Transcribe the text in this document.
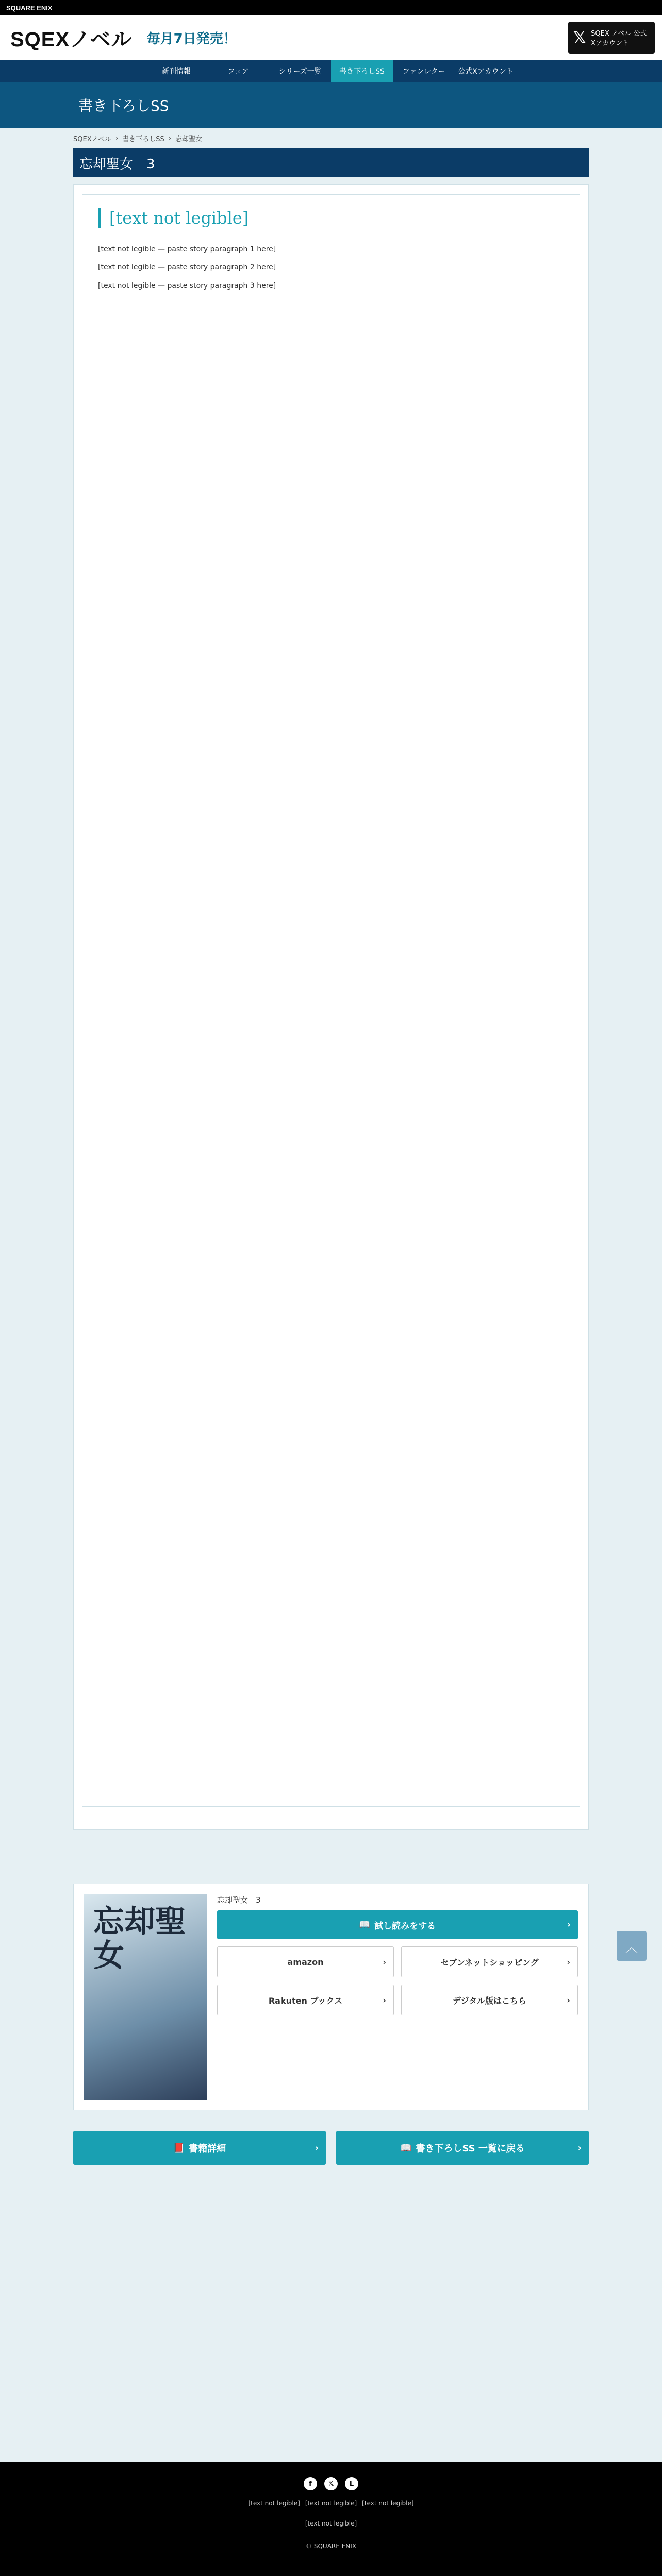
SQUARE ENIX
SQEXノベル 毎月7日発売！	𝕏 SQEX ノベル 公式Xアカウント
新刊情報	フェア	シリーズ一覧	書き下ろしSS	ファンレター	公式Xアカウント
書き下ろしSS
SQEXノベル › 書き下ろしSS › 忘却聖女
忘却聖女　3
[text not legible]

[text not legible — paste story paragraph 1 here]

[text not legible — paste story paragraph 2 here]

[text not legible — paste story paragraph 3 here]

忘却聖女
忘却聖女　3
📖 試し読みをする	›
amazon	›	セブンネットショッピング	›
Rakuten ブックス	›	デジタル版はこちら	›
📕 書籍詳細	›	📖 書き下ろしSS 一覧に戻る	›
︿
f	𝕏	L
[text not legible] [text not legible] [text not legible]
[text not legible]
© SQUARE ENIX
